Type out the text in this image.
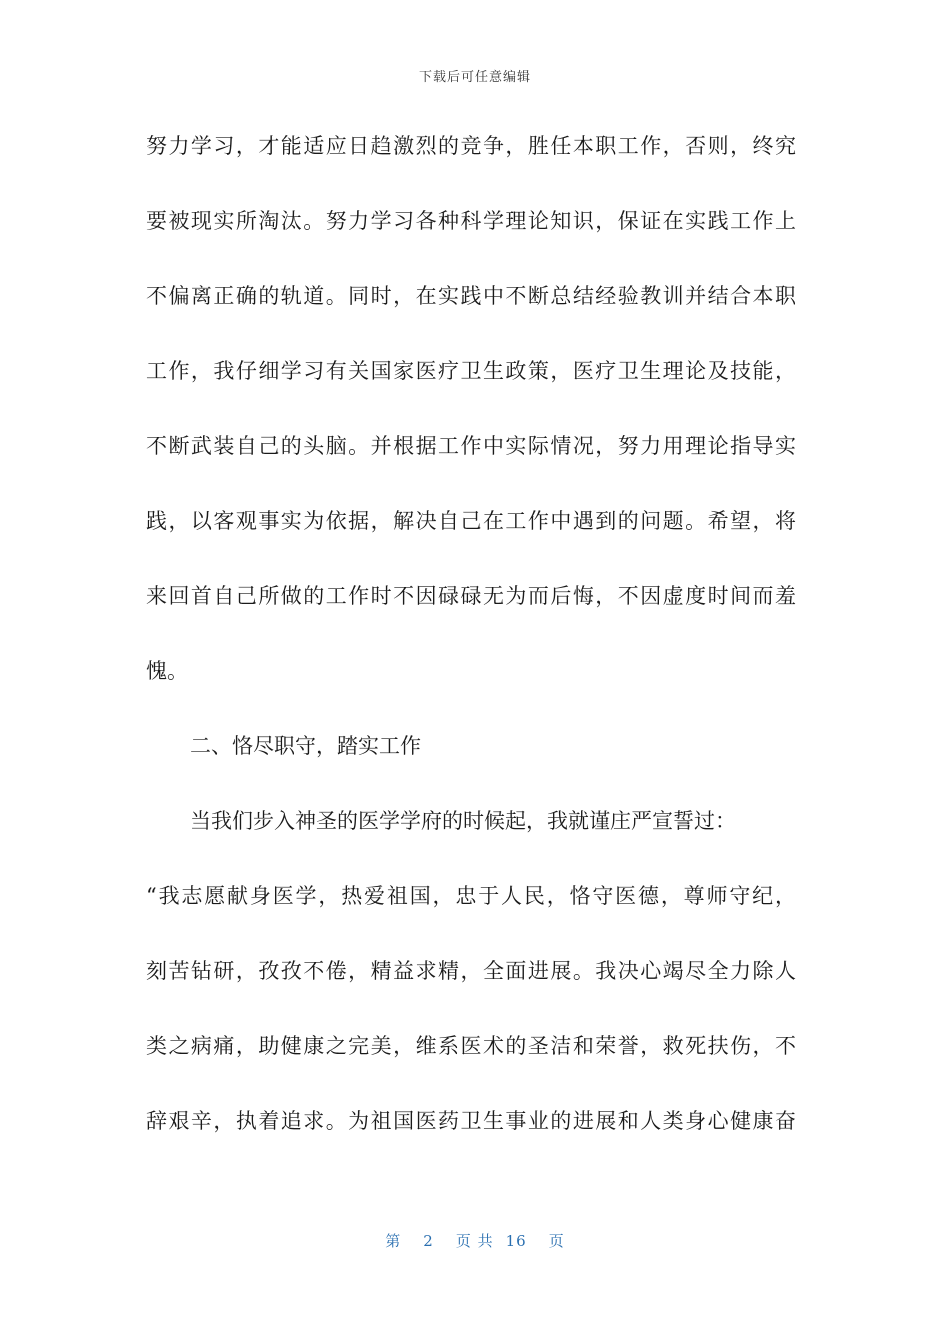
下载后可任意编辑
努力学习，才能适应日趋激烈的竞争，胜任本职工作，否则，终究
要被现实所淘汰。努力学习各种科学理论知识，保证在实践工作上
不偏离正确的轨道。同时，在实践中不断总结经验教训并结合本职
工作，我仔细学习有关国家医疗卫生政策，医疗卫生理论及技能，
不断武装自己的头脑。并根据工作中实际情况，努力用理论指导实
践，以客观事实为依据，解决自己在工作中遇到的问题。希望，将
来回首自己所做的工作时不因碌碌无为而后悔，不因虚度时间而羞
愧。
二、恪尽职守，踏实工作
当我们步入神圣的医学学府的时候起，我就谨庄严宣誓过：
“我志愿献身医学，热爱祖国，忠于人民，恪守医德，尊师守纪，
刻苦钻研，孜孜不倦，精益求精，全面进展。我决心竭尽全力除人
类之病痛，助健康之完美，维系医术的圣洁和荣誉，救死扶伤，不
辞艰辛，执着追求。为祖国医药卫生事业的进展和人类身心健康奋
第 2 页 共 16 页
